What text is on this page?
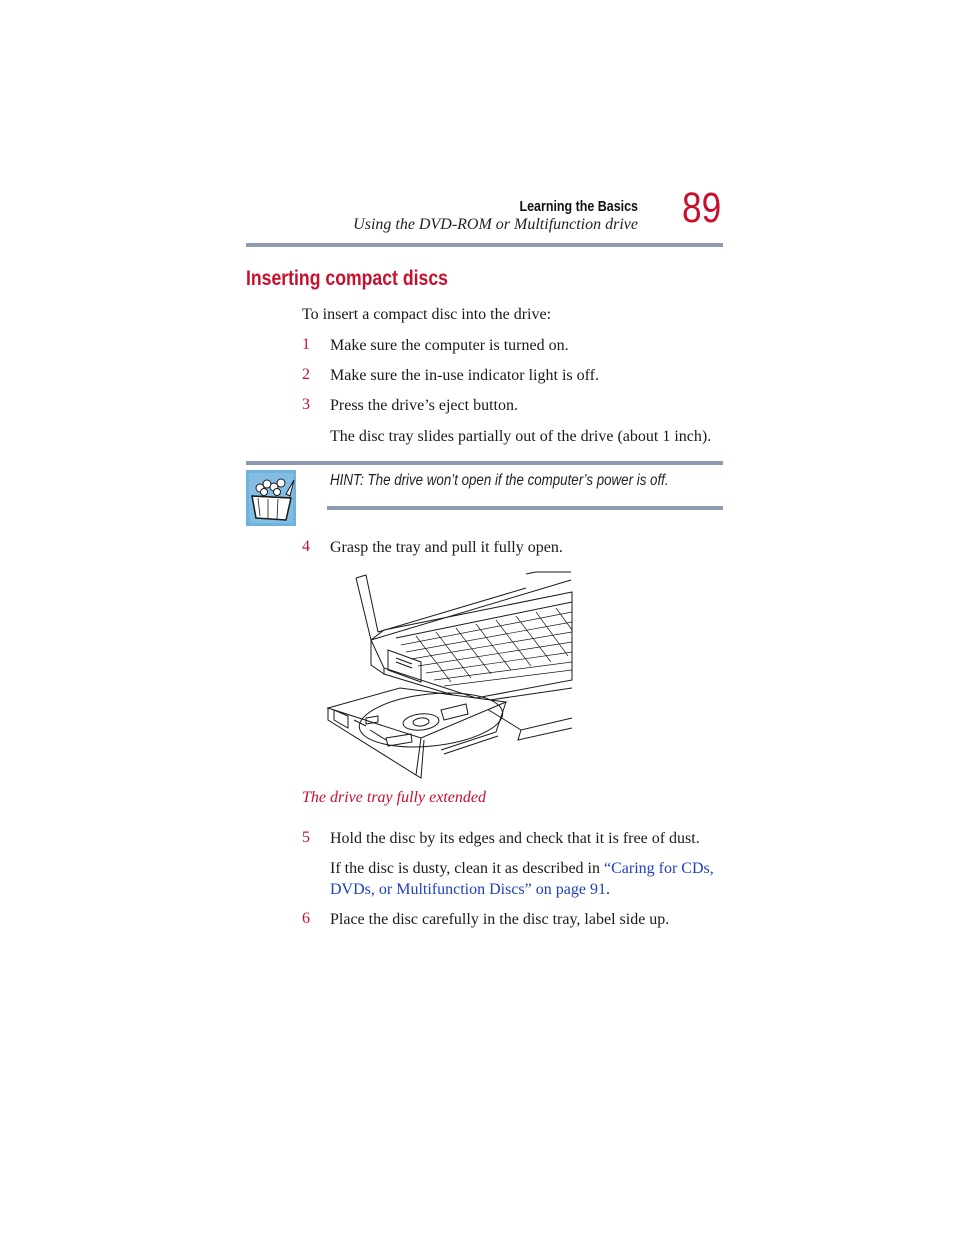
Learning the Basics
Using the DVD-ROM or Multifunction drive 89
Inserting compact discs
To insert a compact disc into the drive:
1 Make sure the computer is turned on.
2 Make sure the in-use indicator light is off.
3 Press the drive’s eject button.
The disc tray slides partially out of the drive (about 1 inch).
HINT: The drive won’t open if the computer’s power is off.
4 Grasp the tray and pull it fully open.
The drive tray fully extended
5 Hold the disc by its edges and check that it is free of dust.
If the disc is dusty, clean it as described in “Caring for CDs,
DVDs, or Multifunction Discs” on page 91.
6 Place the disc carefully in the disc tray, label side up.
